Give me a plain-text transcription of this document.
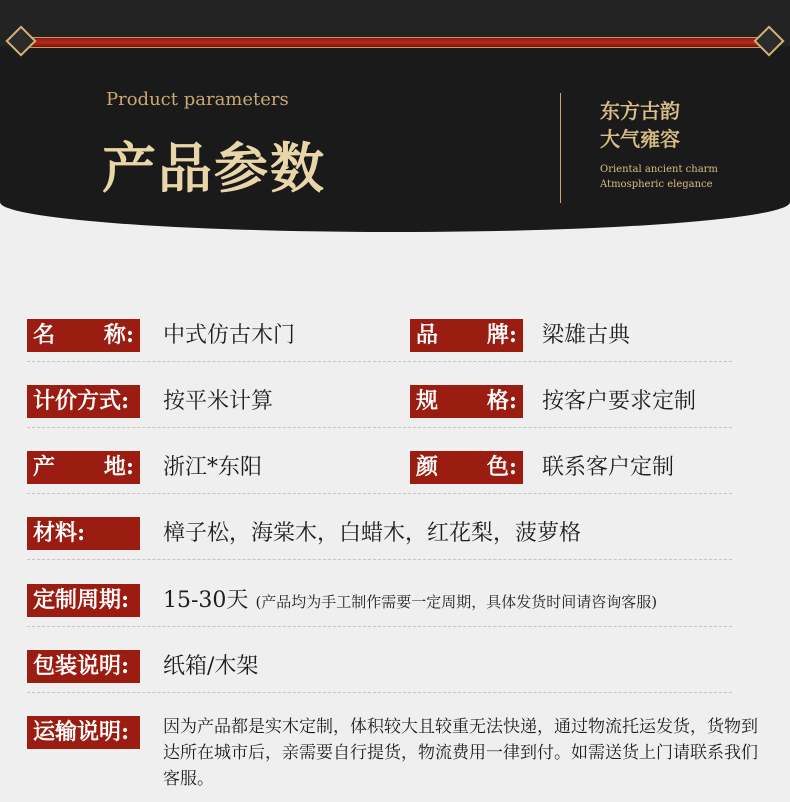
Product parameters
产品参数
东方古韵
大气雍容
Oriental ancient charm
Atmospheric elegance
名 称: 中式仿古木门	品 牌: 梁雄古典
计价方式:	按平米计算	规 格: 按客户要求定制
产 地: 浙江*东阳	颜 色: 联系客户定制
材料:	樟子松，海棠木，白蜡木，红花梨，菠萝格
定制周期:	15-30天 (产品均为手工制作需要一定周期，具体发货时间请咨询客服)
包装说明:	纸箱/木架
运输说明:	因为产品都是实木定制，体积较大且较重无法快递，通过物流托运发货，货物到达所在城市后，亲需要自行提货，物流费用一律到付。如需送货上门请联系我们客服。
